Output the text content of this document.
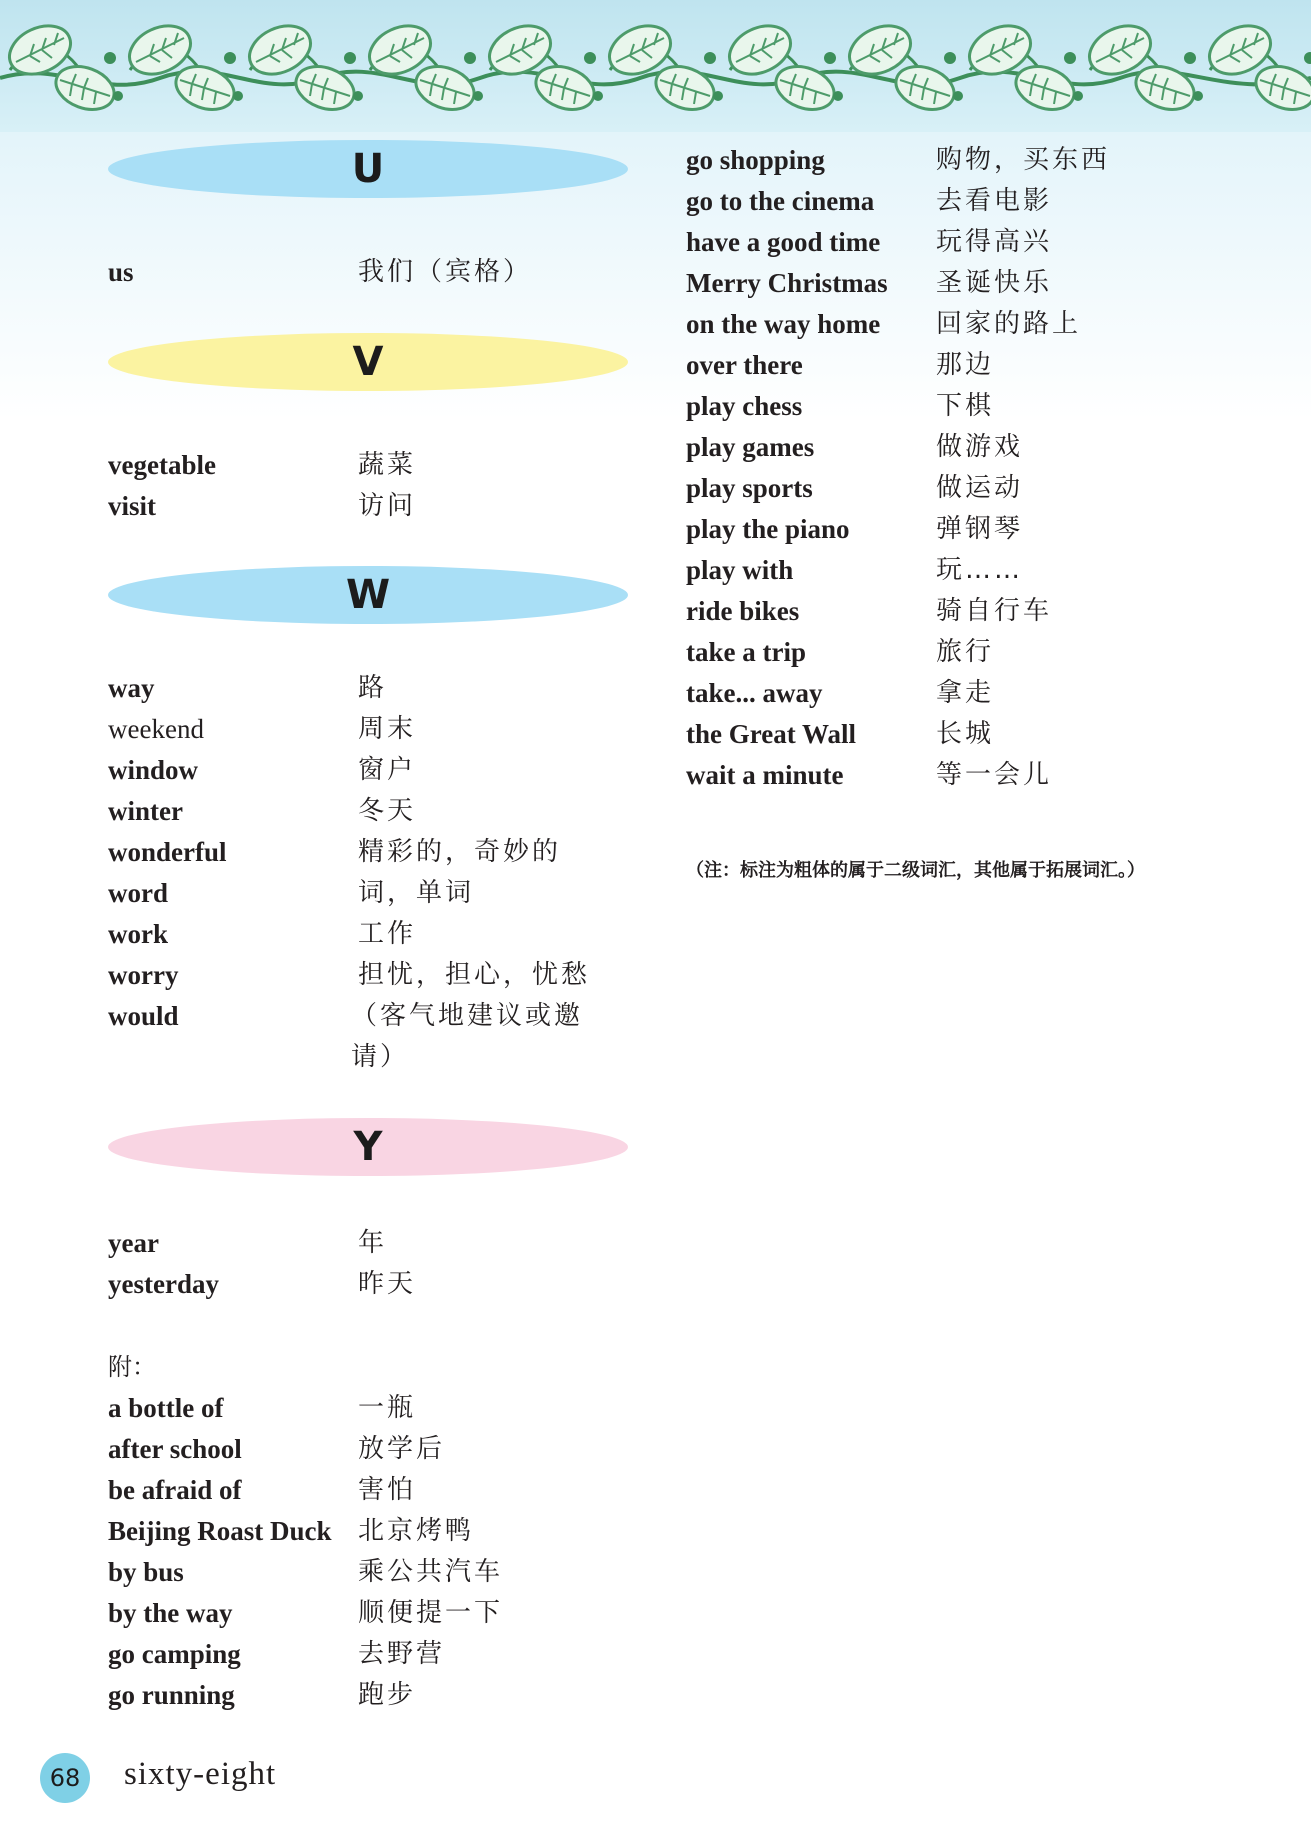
U
us	我们（宾格）
V
vegetable	蔬菜
visit	访问
W
way	路
weekend	周末
window	窗户
winter	冬天
wonderful	精彩的，奇妙的
word	词，单词
work	工作
worry	担忧，担心，忧愁
would	（客气地建议或邀请）
Y
year	年
yesterday	昨天
附：
a bottle of	一瓶
after school	放学后
be afraid of	害怕
Beijing Roast Duck 北京烤鸭
by bus	乘公共汽车
by the way	顺便提一下
go camping	去野营
go running	跑步
go shopping	购物，买东西
go to the cinema 去看电影
have a good time 玩得高兴
Merry Christmas 圣诞快乐
on the way home 回家的路上
over there	那边
play chess	下棋
play games	做游戏
play sports	做运动
play the piano	弹钢琴
play with	玩……
ride bikes	骑自行车
take a trip	旅行
take... away	拿走
the Great Wall	长城
wait a minute	等一会儿
（注：标注为粗体的属于二级词汇，其他属于拓展词汇。）
68 sixty-eight
